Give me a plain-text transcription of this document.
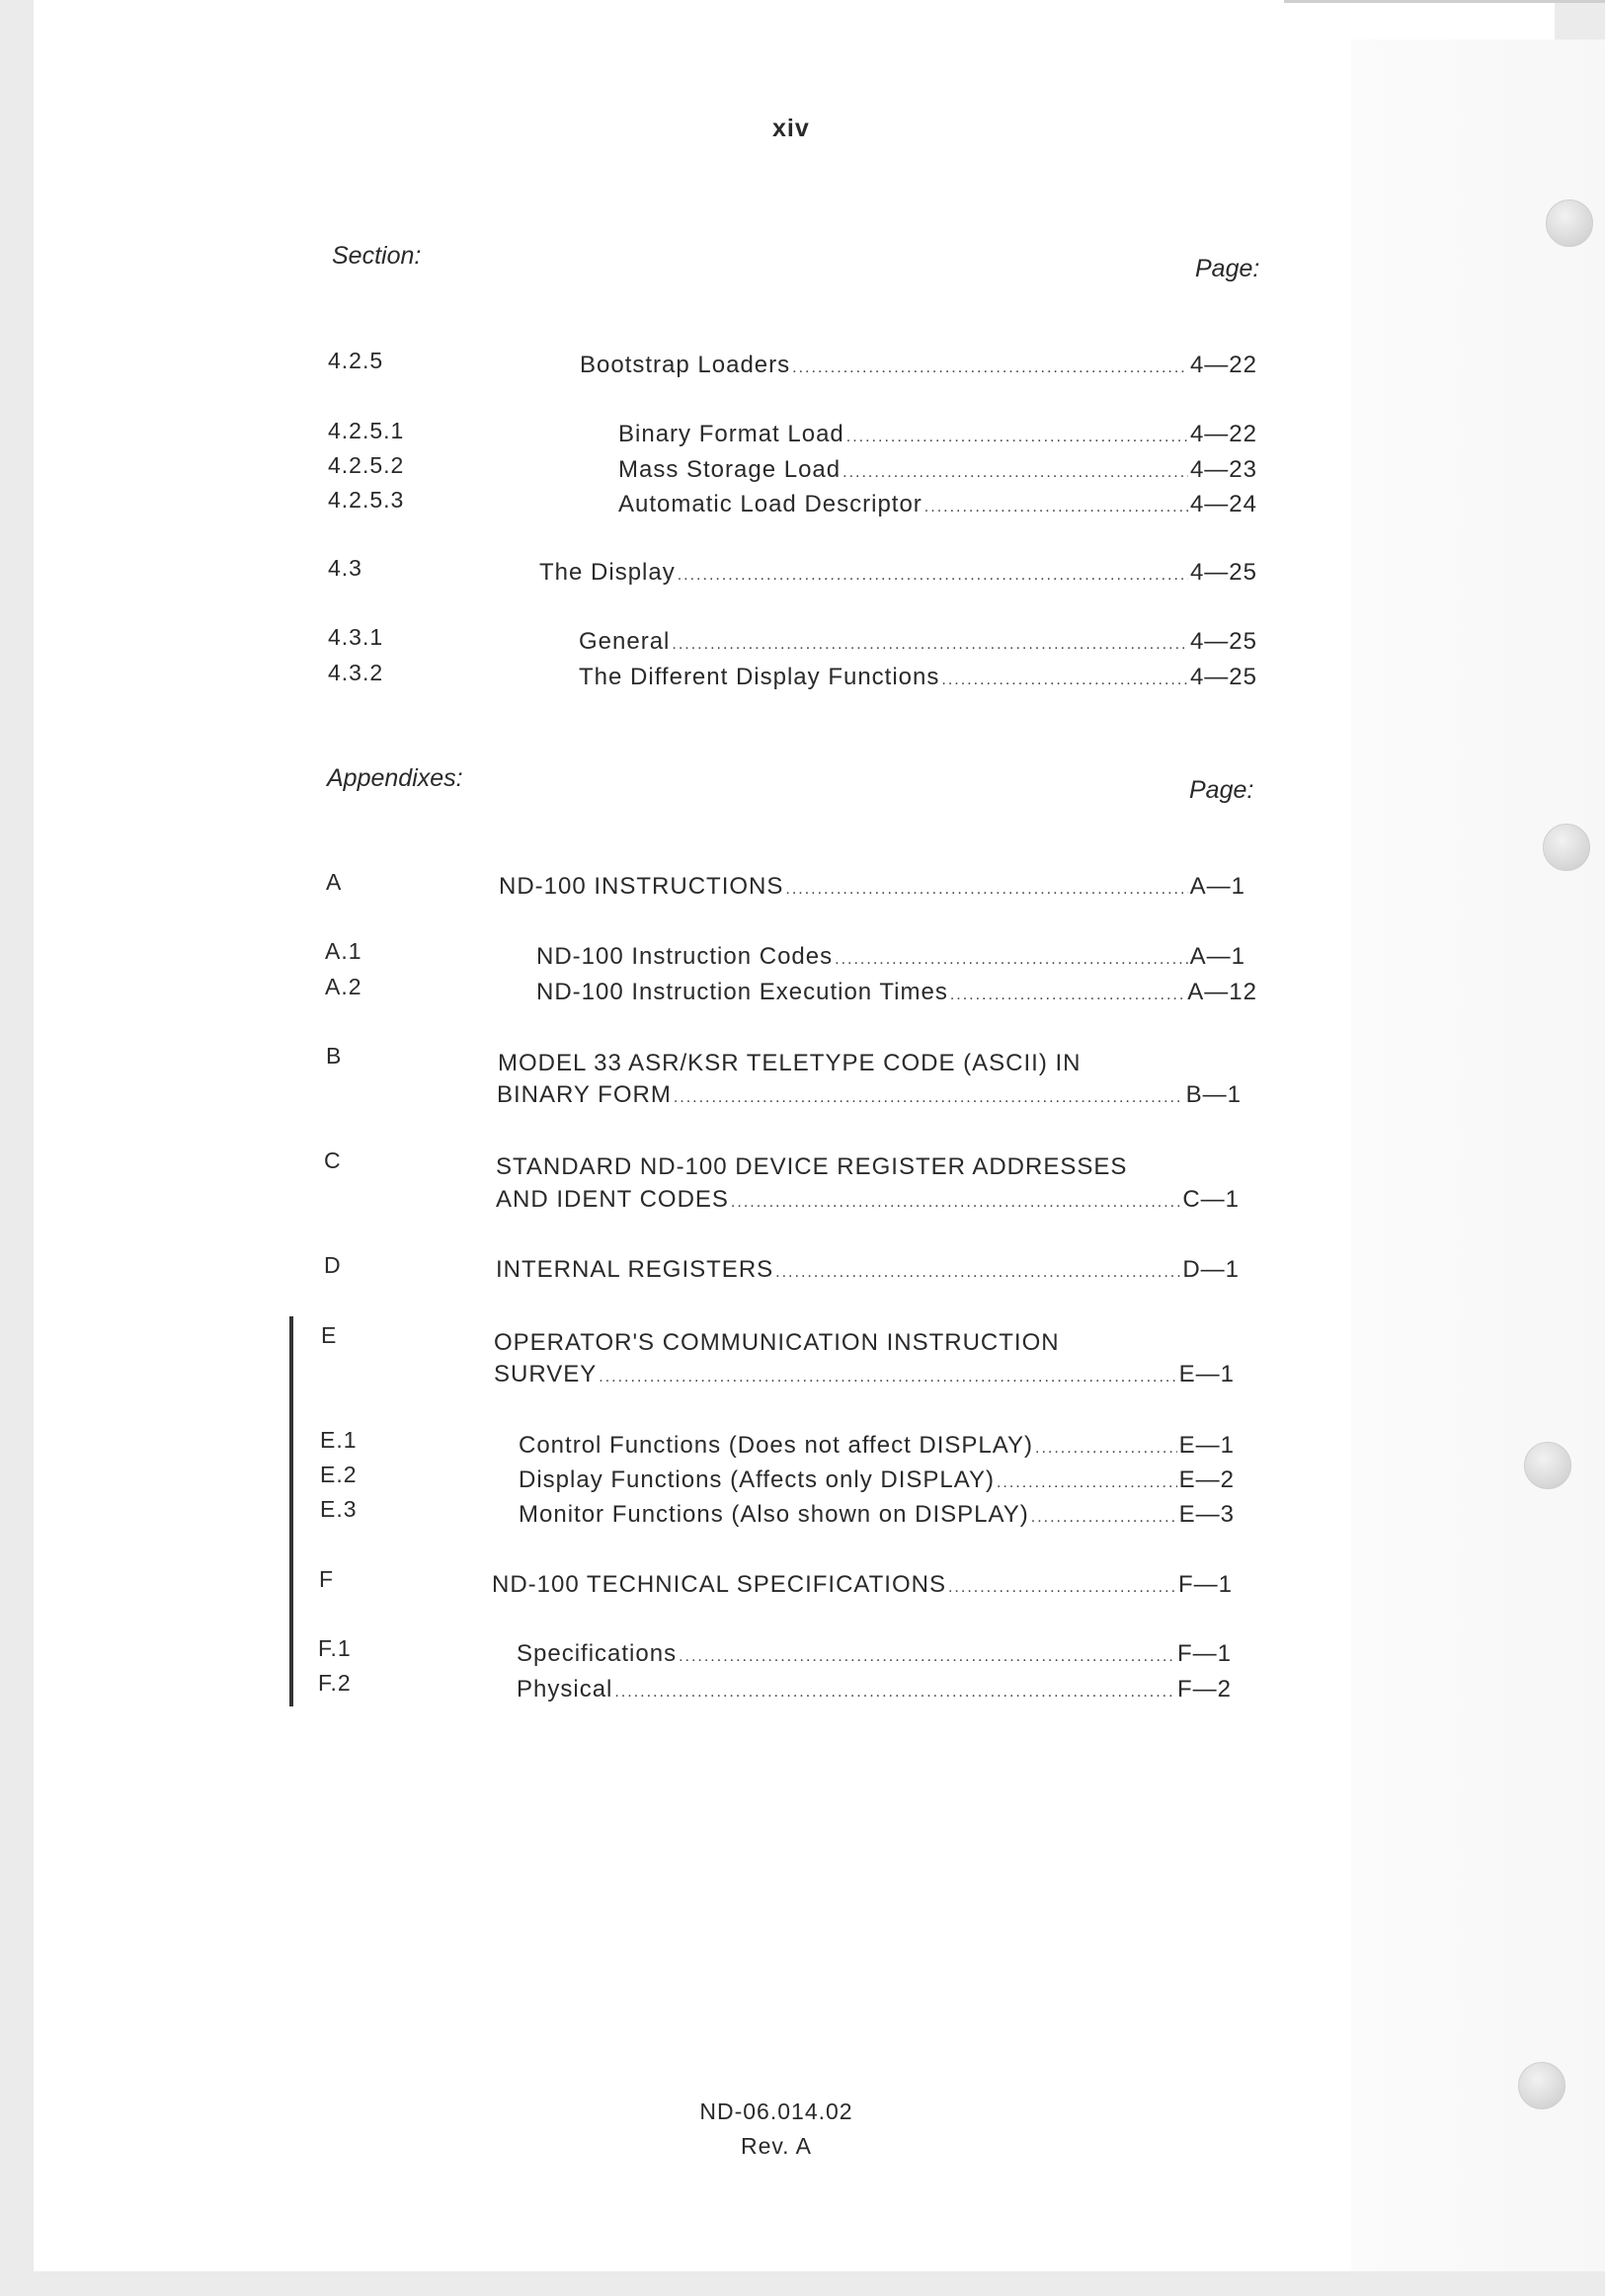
xiv
Section:	Page:
4.2.5	Bootstrap Loaders .....	4—22
4.2.5.1	Binary Format Load .....	4—22
4.2.5.2	Mass Storage Load .....	4—23
4.2.5.3	Automatic Load Descriptor .....	4—24
4.3	The Display .....	4—25
4.3.1	General .....	4—25
4.3.2	The Different Display Functions .....	4—25
Appendixes:	Page:
A	ND-100 INSTRUCTIONS .....	A—1
A.1	ND-100 Instruction Codes .....	A—1
A.2	ND-100 Instruction Execution Times .....	A—12
B	MODEL 33 ASR/KSR TELETYPE CODE (ASCII) IN
BINARY FORM .....	B—1
C	STANDARD ND-100 DEVICE REGISTER ADDRESSES
AND IDENT CODES .....	C—1
D	INTERNAL REGISTERS .....	D—1
E	OPERATOR'S COMMUNICATION INSTRUCTION
SURVEY .....	E—1
E.1	Control Functions (Does not affect DISPLAY) .....	E—1
E.2	Display Functions (Affects only DISPLAY) .....	E—2
E.3	Monitor Functions (Also shown on DISPLAY) .....	E—3
F	ND-100 TECHNICAL SPECIFICATIONS .....	F—1
F.1	Specifications .....	F—1
F.2	Physical .....	F—2
ND-06.014.02
Rev. A
